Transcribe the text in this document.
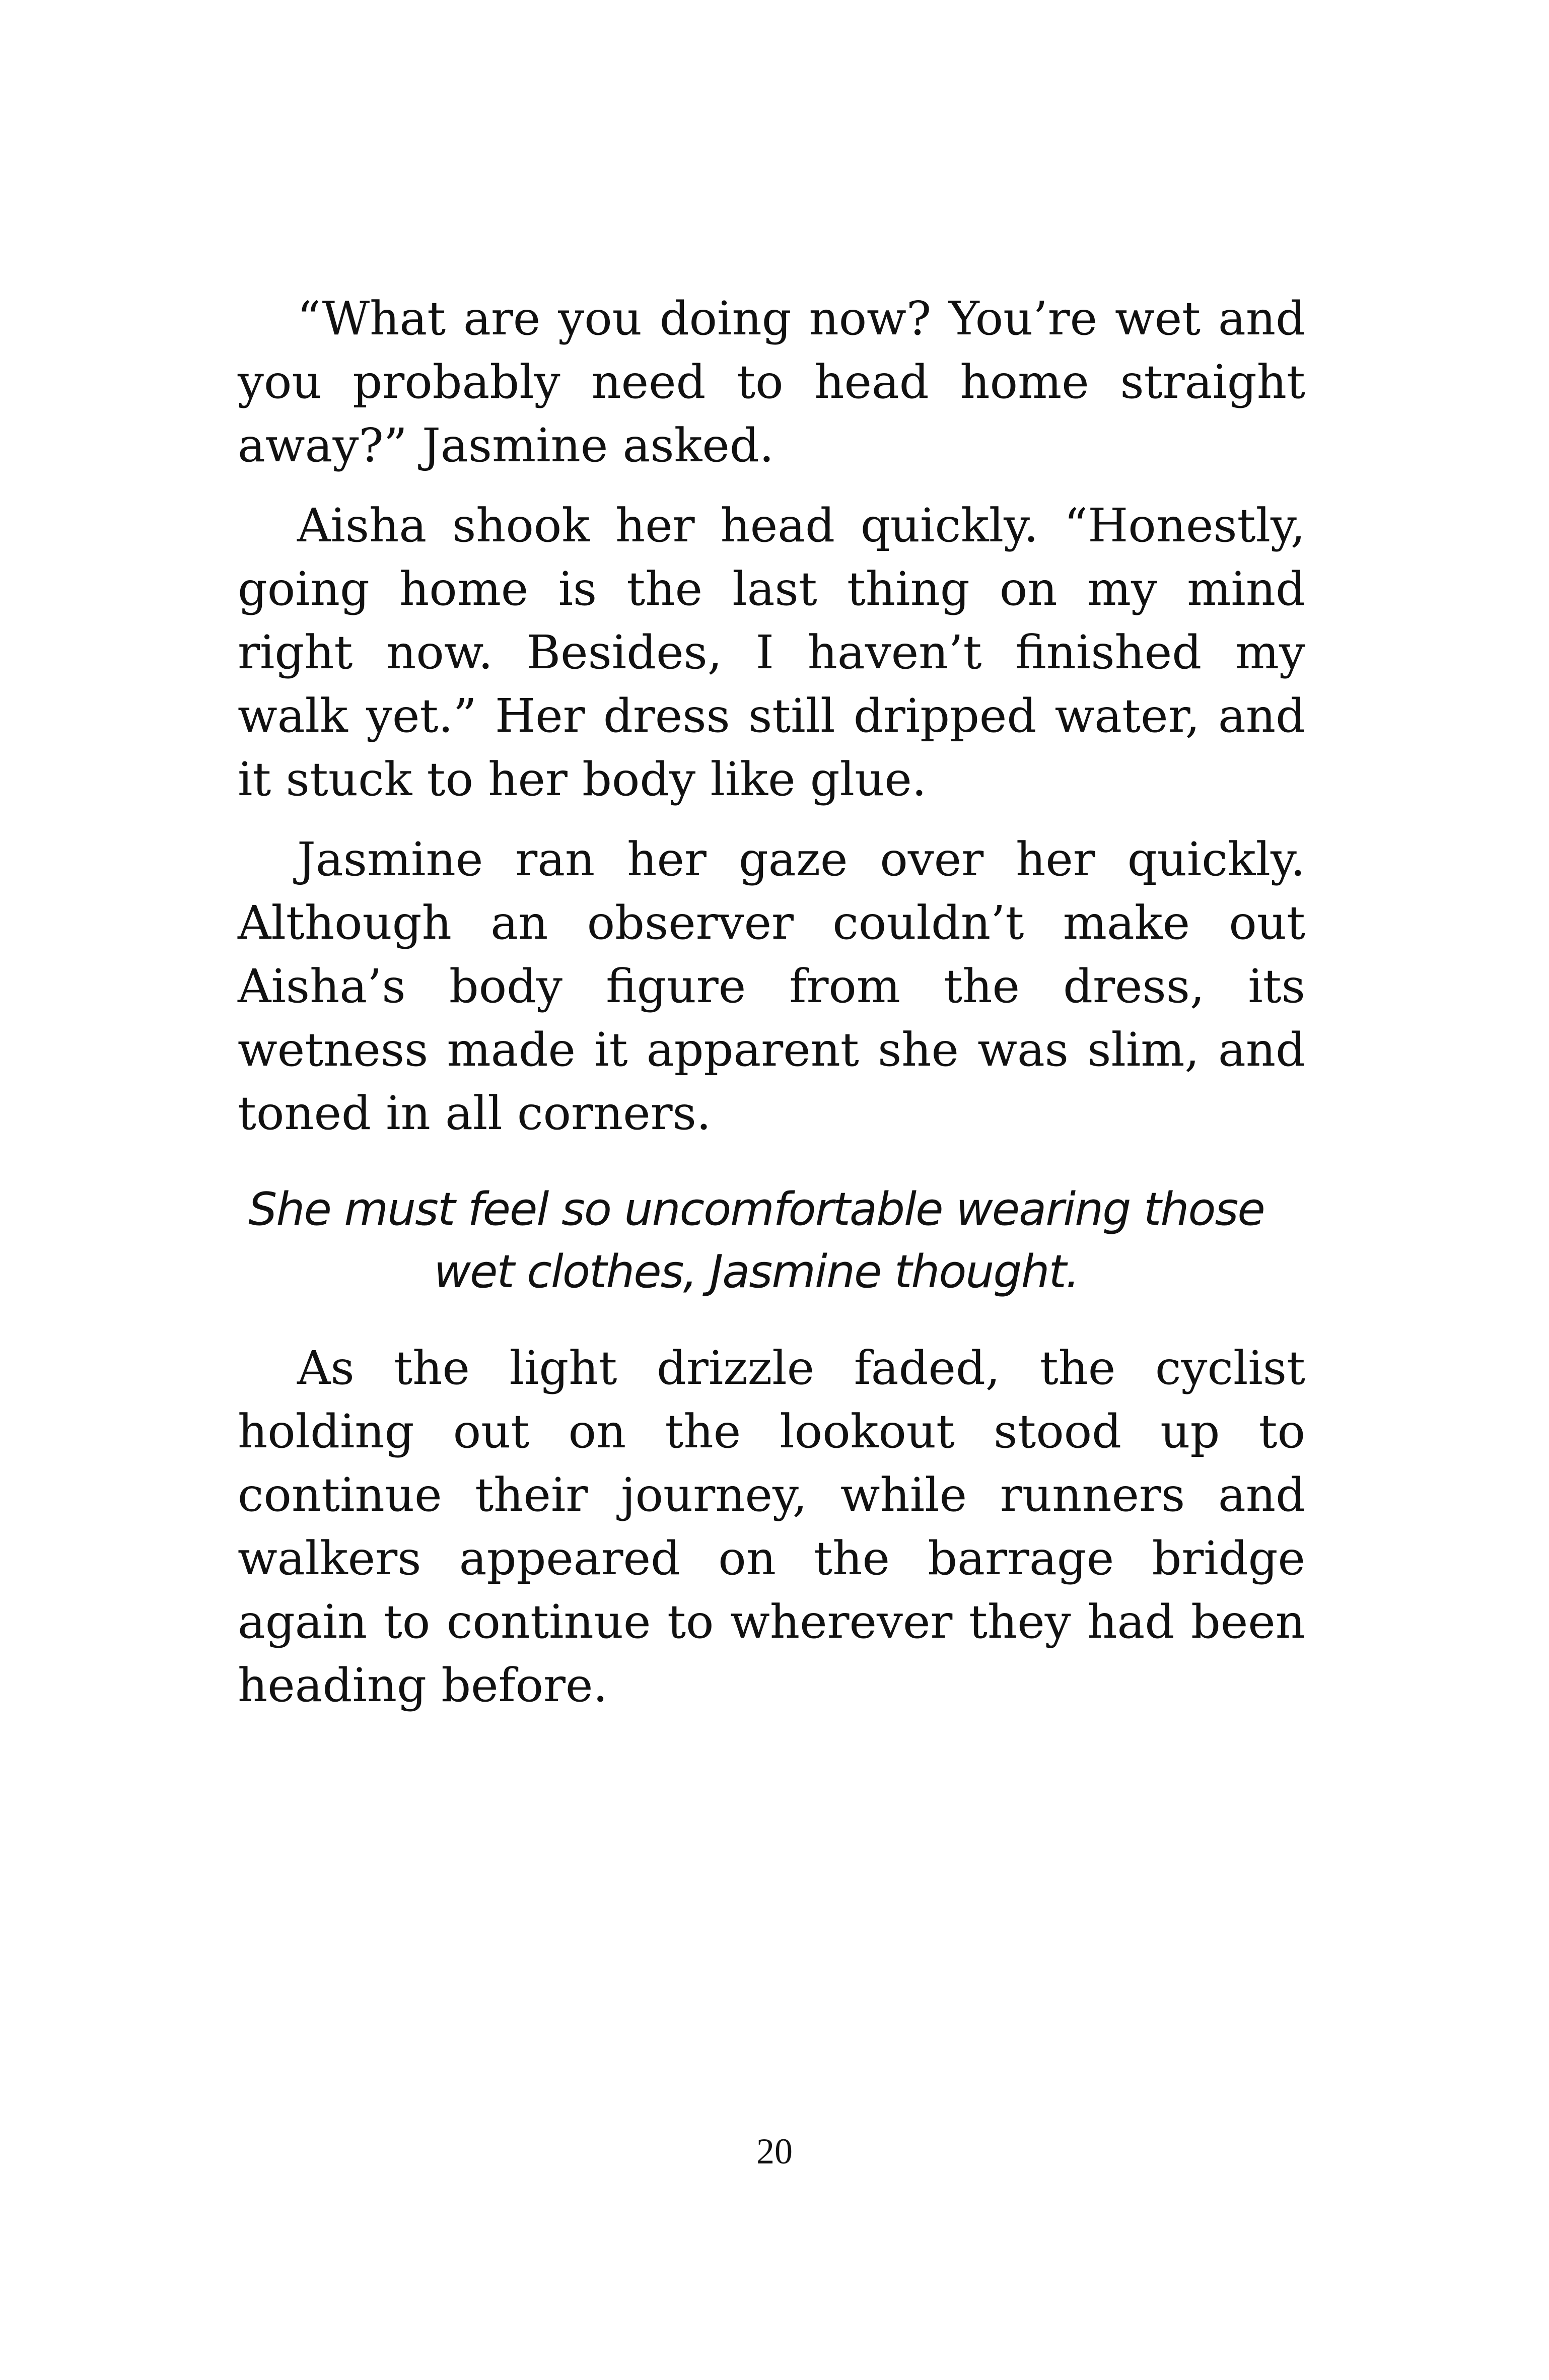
“What are you doing now? You’re wet and you probably need to head home straight away?” Jasmine asked.

Aisha shook her head quickly. “Honestly, going home is the last thing on my mind right now. Besides, I haven’t finished my walk yet.” Her dress still dripped water, and it stuck to her body like glue.

Jasmine ran her gaze over her quickly. Although an observer couldn’t make out Aisha’s body figure from the dress, its wetness made it apparent she was slim, and toned in all corners.

She must feel so uncomfortable wearing those wet clothes, Jasmine thought.

As the light drizzle faded, the cyclist holding out on the lookout stood up to continue their journey, while runners and walkers appeared on the barrage bridge again to continue to wherever they had been heading before.

20
